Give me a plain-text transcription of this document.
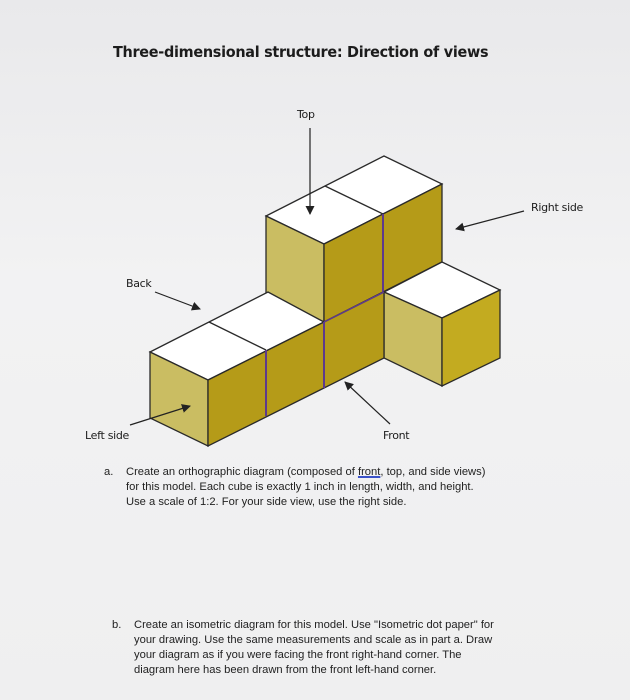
Three-dimensional structure: Direction of views
Top
Right side
Back
Left side	Front
a. Create an orthographic diagram (composed of front, top, and side views)
for this model. Each cube is exactly 1 inch in length, width, and height.
Use a scale of 1:2. For your side view, use the right side.
b. Create an isometric diagram for this model. Use "Isometric dot paper" for
your drawing. Use the same measurements and scale as in part a. Draw
your diagram as if you were facing the front right-hand corner. The
diagram here has been drawn from the front left-hand corner.
